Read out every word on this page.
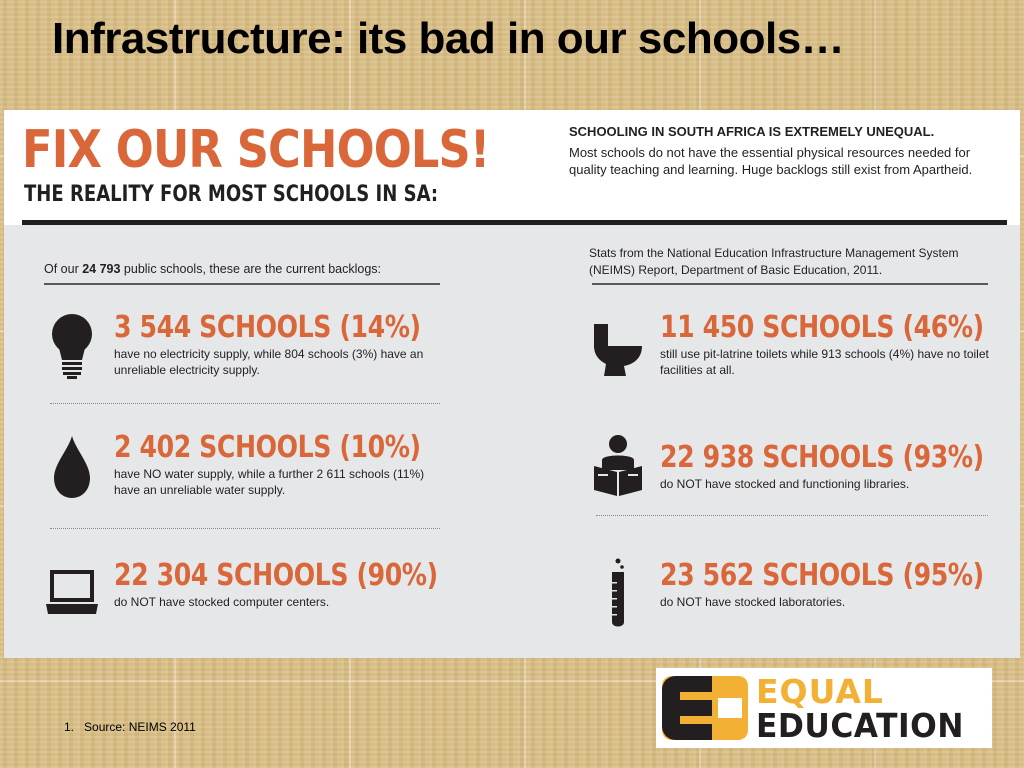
Infrastructure: its bad in our schools…
FIX OUR SCHOOLS!
THE REALITY FOR MOST SCHOOLS IN SA:
SCHOOLING IN SOUTH AFRICA IS EXTREMELY UNEQUAL.
Most schools do not have the essential physical resources needed for quality teaching and learning. Huge backlogs still exist from Apartheid.
Of our 24 793 public schools, these are the current backlogs:
Stats from the National Education Infrastructure Management System (NEIMS) Report, Department of Basic Education, 2011.
3 544 SCHOOLS (14%)
have no electricity supply, while 804 schools (3%) have an unreliable electricity supply.
2 402 SCHOOLS (10%)
have NO water supply, while a further 2 611 schools (11%) have an unreliable water supply.
22 304 SCHOOLS (90%)
do NOT have stocked computer centers.
11 450 SCHOOLS (46%)
still use pit-latrine toilets while 913 schools (4%) have no toilet facilities at all.
22 938 SCHOOLS (93%)
do NOT have stocked and functioning libraries.
23 562 SCHOOLS (95%)
do NOT have stocked laboratories.
EQUAL
EDUCATION
1. Source: NEIMS 2011
